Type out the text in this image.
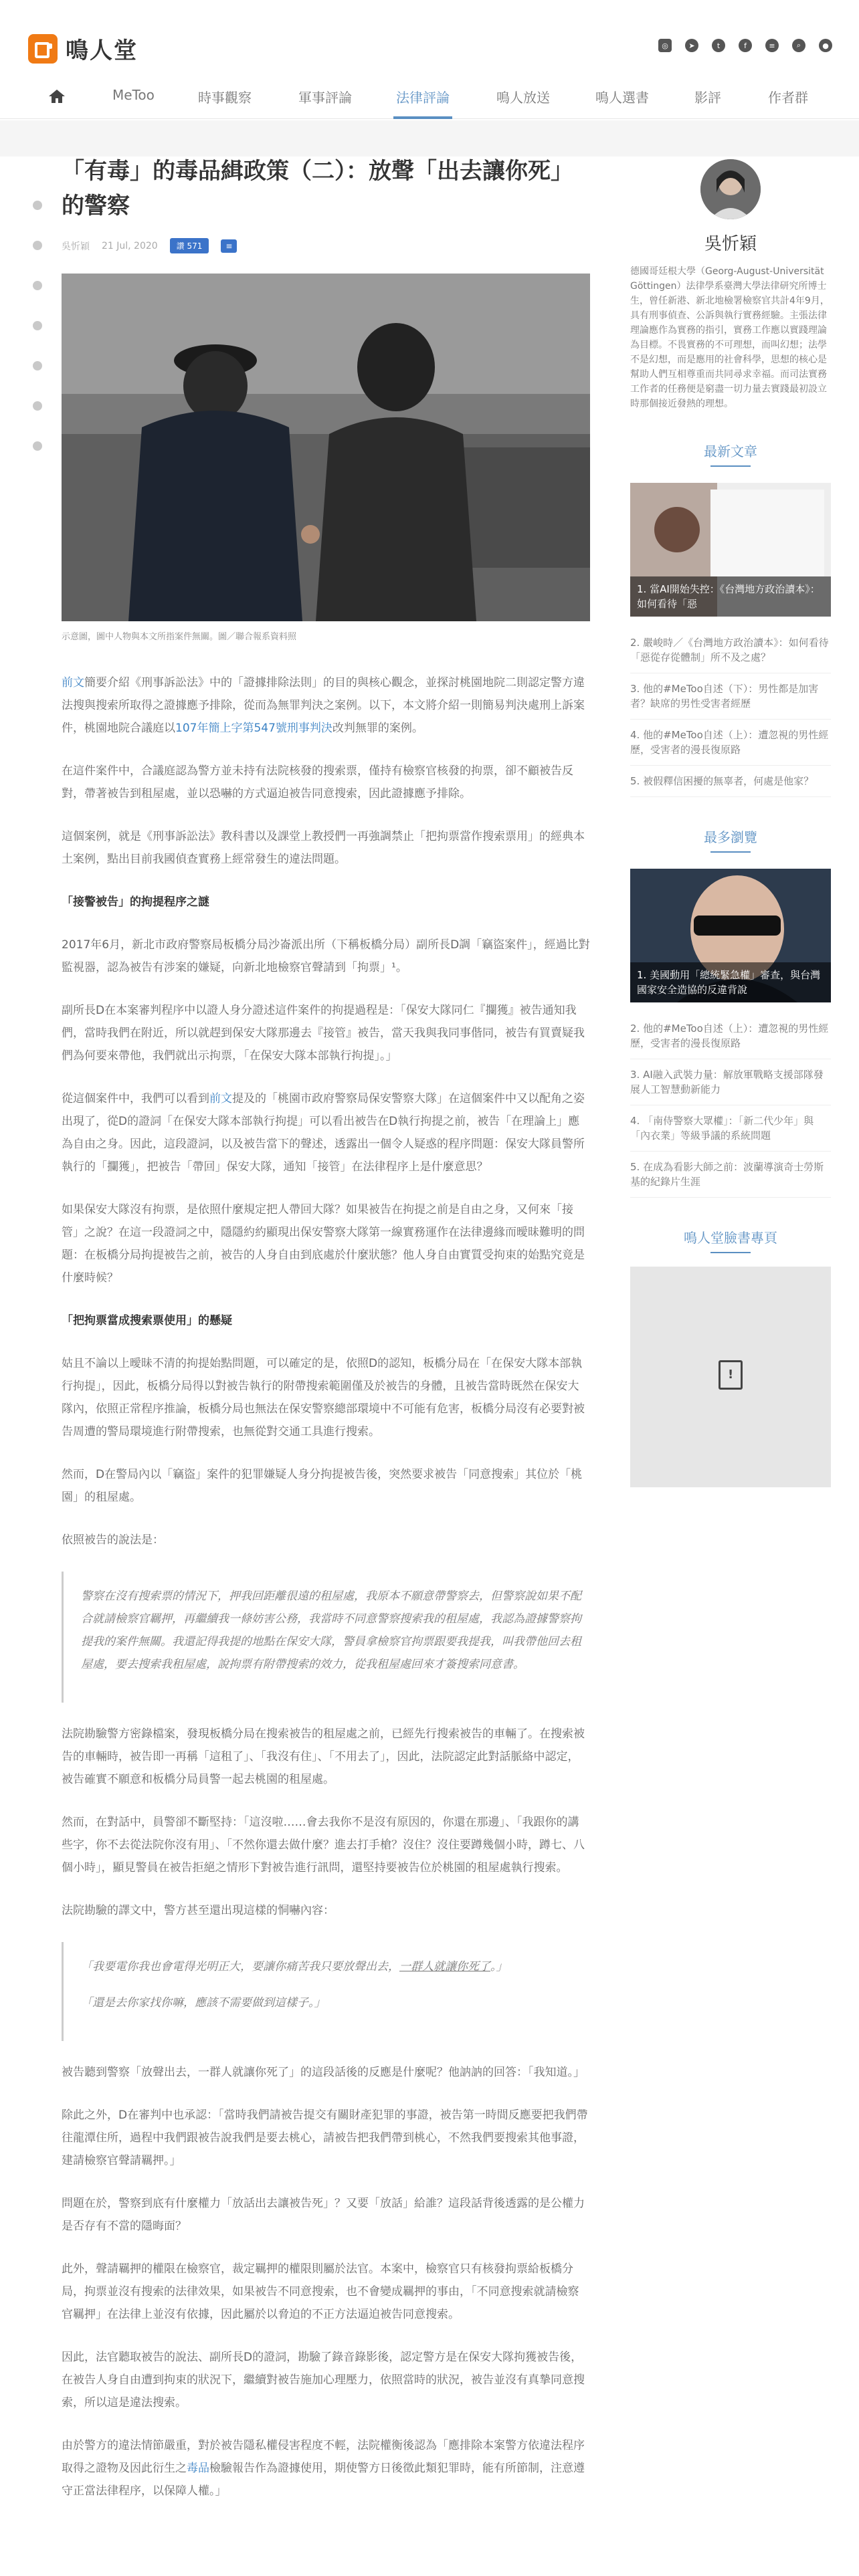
鳴人堂	◎	➤	t	f	≡	⌕	●
MeToo	時事觀察	軍事評論	法律評論	鳴人放送	鳴人選書	影評	作者群
「有毒」的毒品緝政策（二）：放聲「出去讓你死」的警察
吳忻穎 21 Jul, 2020	讚 571	≡
示意圖，圖中人物與本文所指案件無關。圖／聯合報系資料照

前文簡要介紹《刑事訴訟法》中的「證據排除法則」的目的與核心觀念，並探討桃園地院二則認定警方違法搜與搜索所取得之證據應予排除，從而為無罪判決之案例。以下，本文將介紹一則簡易判決處刑上訴案件，桃園地院合議庭以107年簡上字第547號刑事判決改判無罪的案例。

在這件案件中，合議庭認為警方並未持有法院核發的搜索票，僅持有檢察官核發的拘票，卻不顧被告反對，帶著被告到租屋處，並以恐嚇的方式逼迫被告同意搜索，因此證據應予排除。

這個案例，就是《刑事訴訟法》教科書以及課堂上教授們一再強調禁止「把拘票當作搜索票用」的經典本土案例，點出目前我國偵查實務上經常發生的違法問題。

「接警被告」的拘提程序之謎

2017年6月，新北市政府警察局板橋分局沙崙派出所（下稱板橋分局）副所長D調「竊盜案件」，經過比對監視器，認為被告有涉案的嫌疑，向新北地檢察官聲請到「拘票」¹。

副所長D在本案審判程序中以證人身分證述這件案件的拘提過程是：「保安大隊同仁『攔獲』被告通知我們，當時我們在附近，所以就趕到保安大隊那邊去『接管』被告，當天我與我同事偕同，被告有買賣疑我們為何要來帶他，我們就出示拘票，「在保安大隊本部執行拘提」。」

從這個案件中，我們可以看到前文提及的「桃園市政府警察局保安警察大隊」在這個案件中又以配角之姿出現了，從D的證詞「在保安大隊本部執行拘提」可以看出被告在D執行拘提之前，被告「在理論上」應為自由之身。因此，這段證詞，以及被告當下的聲述，透露出一個令人疑惑的程序問題：保安大隊員警所執行的「攔獲」，把被告「帶回」保安大隊，通知「接管」在法律程序上是什麼意思？

如果保安大隊沒有拘票，是依照什麼規定把人帶回大隊？如果被告在拘提之前是自由之身，又何來「接管」之說？在這一段證詞之中，隱隱約約顯現出保安警察大隊第一線實務運作在法律邊緣而曖昧難明的問題：在板橋分局拘提被告之前，被告的人身自由到底處於什麼狀態？他人身自由實質受拘束的始點究竟是什麼時候？

「把拘票當成搜索票使用」的懸疑

姑且不論以上曖昧不清的拘提始點問題，可以確定的是，依照D的認知，板橋分局在「在保安大隊本部執行拘提」，因此，板橋分局得以對被告執行的附帶搜索範圍僅及於被告的身體，且被告當時既然在保安大隊內，依照正常程序推論，板橋分局也無法在保安警察總部環境中不可能有危害，板橋分局沒有必要對被告周遭的警局環境進行附帶搜索，也無從對交通工具進行搜索。

然而，D在警局內以「竊盜」案件的犯罪嫌疑人身分拘提被告後，突然要求被告「同意搜索」其位於「桃園」的租屋處。

依照被告的說法是：

警察在沒有搜索票的情況下，押我回距離很遠的租屋處，我原本不願意帶警察去，但警察說如果不配合就請檢察官羈押，再繼續我一條妨害公務，我當時不同意警察搜索我的租屋處，我認為證據警察拘提我的案件無關。我還記得我提的地點在保安大隊，警員拿檢察官拘票跟要我提我，叫我帶他回去租屋處，要去搜索我租屋處，說拘票有附帶搜索的效力，從我租屋處回來才簽搜索同意書。

法院勘驗警方密錄檔案，發現板橋分局在搜索被告的租屋處之前，已經先行搜索被告的車輛了。在搜索被告的車輛時，被告即一再稱「這租了」、「我沒有住」、「不用去了」，因此，法院認定此對話脈絡中認定，被告確實不願意和板橋分局員警一起去桃園的租屋處。

然而，在對話中，員警卻不斷堅持：「這沒啦……會去我你不是沒有原因的，你還在那邊」、「我跟你的講些字，你不去從法院你沒有用」、「不然你還去做什麼？進去打手槍？沒住？沒住要蹲幾個小時，蹲七、八個小時」，顯見警員在被告拒絕之情形下對被告進行訊問，還堅持要被告位於桃園的租屋處執行搜索。

法院勘驗的譯文中，警方甚至還出現這樣的恫嚇內容：

「我要電你我也會電得光明正大，要讓你痛苦我只要放聲出去，一群人就讓你死了。」

「還是去你家找你嘛，應該不需要做到這樣子。」

被告聽到警察「放聲出去，一群人就讓你死了」的這段話後的反應是什麼呢？他訥訥的回答：「我知道。」

除此之外，D在審判中也承認：「當時我們請被告提交有關財產犯罪的事證，被告第一時間反應要把我們帶往龍潭住所，過程中我們跟被告說我們是要去桃心，請被告把我們帶到桃心，不然我們要搜索其他事證，建請檢察官聲請羈押。」

問題在於，警察到底有什麼權力「放話出去讓被告死」？又要「放話」給誰？這段話背後透露的是公權力是否存有不當的隱晦面？

此外，聲請羈押的權限在檢察官，裁定羈押的權限則屬於法官。本案中，檢察官只有核發拘票給板橋分局，拘票並沒有搜索的法律效果，如果被告不同意搜索，也不會變成羈押的事由，「不同意搜索就請檢察官羈押」在法律上並沒有依據，因此屬於以脅迫的不正方法逼迫被告同意搜索。

因此，法官聽取被告的說法、副所長D的證詞，勘驗了錄音錄影後，認定警方是在保安大隊拘獲被告後，在被告人身自由遭到拘束的狀況下，繼續對被告施加心理壓力，依照當時的狀況，被告並沒有真摯同意搜索，所以這是違法搜索。

由於警方的違法情節嚴重，對於被告隱私權侵害程度不輕，法院權衡後認為「應排除本案警方依違法程序取得之證物及因此衍生之毒品檢驗報告作為證據使用，期使警方日後徵此類犯罪時，能有所節制，注意遵守正當法律程序，以保障人權。」

吳忻穎
德國哥廷根大學（Georg-August-Universität Göttingen）法律學系臺灣大學法律研究所博士生，曾任新港、新北地檢署檢察官共計4年9月，具有刑事偵查、公訴與執行實務經驗。主張法律理論應作為實務的指引，實務工作應以實踐理論為目標。不畏實務的不可理想，而叫幻想；法學不是幻想，而是應用的社會科學，思想的核心是幫助人們互相尊重而共同尋求幸福。而司法實務工作者的任務便是窮盡一切力量去實踐最初設立時那個接近發熱的理想。
最新文章
1. 當AI開始失控：《台灣地方政治讀本》：如何看待「惡
2. 嚴峻時／《台灣地方政治讀本》：如何看待「惡從存從體制」所不及之處？
3. 他的#MeToo自述（下）：男性都是加害者？缺席的男性受害者經歷
4. 他的#MeToo自述（上）：遭忽視的男性經歷，受害者的漫長復原路
5. 被假釋信困擾的無辜者，何處是他家？
最多瀏覽
1. 美國動用「總統緊急權」審查，與台灣國家安全造協的反違背說
2. 他的#MeToo自述（上）：遭忽視的男性經歷，受害者的漫長復原路
3. AI融入武裝力量：解放軍戰略支援部隊發展人工智慧動新能力
4. 「南侍警察大眾權」：「新二代少年」與「內衣業」等級爭議的系統問題
5. 在成為看影大師之前：波蘭導演奇士勞斯基的紀錄片生涯
鳴人堂臉書專頁
!
